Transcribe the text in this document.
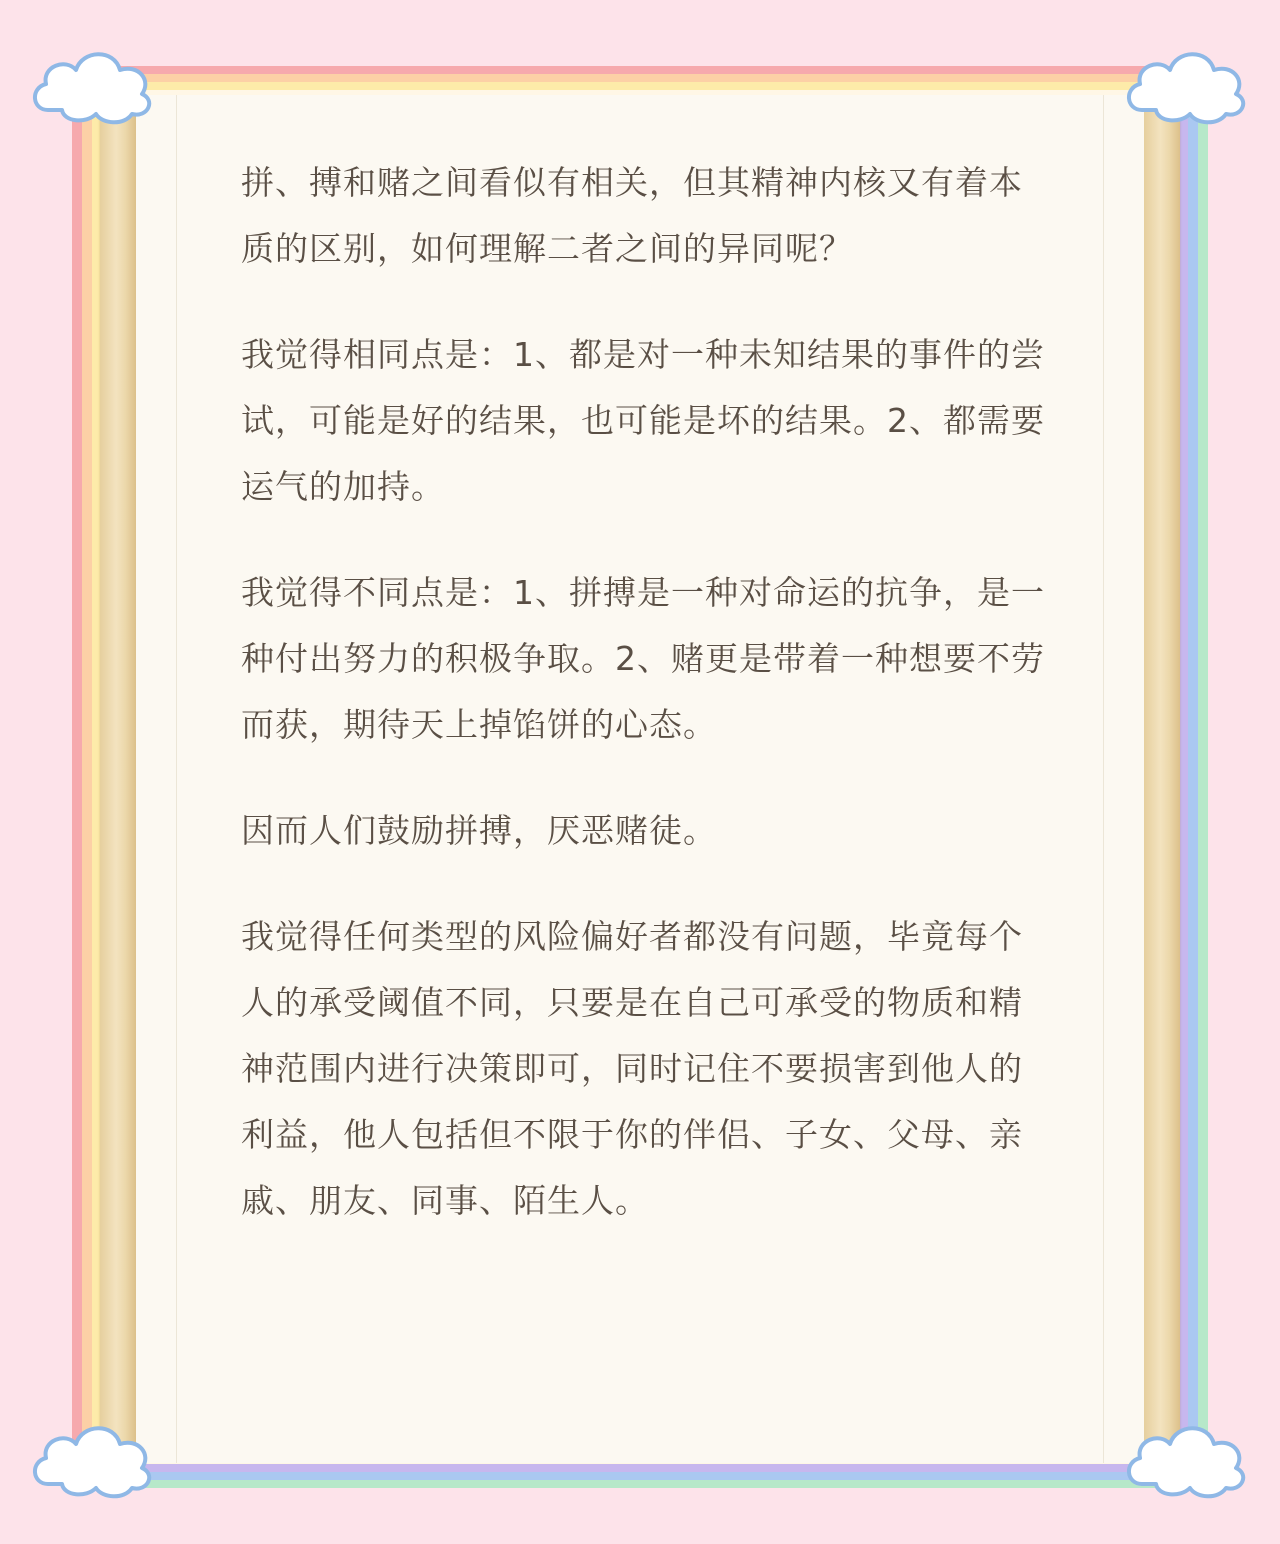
拼、搏和赌之间看似有相关，但其精神内核又有着本质的区别，如何理解二者之间的异同呢？

我觉得相同点是：1、都是对一种未知结果的事件的尝试，可能是好的结果，也可能是坏的结果。2、都需要运气的加持。

我觉得不同点是：1、拼搏是一种对命运的抗争，是一种付出努力的积极争取。2、赌更是带着一种想要不劳而获，期待天上掉馅饼的心态。

因而人们鼓励拼搏，厌恶赌徒。

我觉得任何类型的风险偏好者都没有问题，毕竟每个人的承受阈值不同，只要是在自己可承受的物质和精神范围内进行决策即可，同时记住不要损害到他人的利益，他人包括但不限于你的伴侣、子女、父母、亲戚、朋友、同事、陌生人。
